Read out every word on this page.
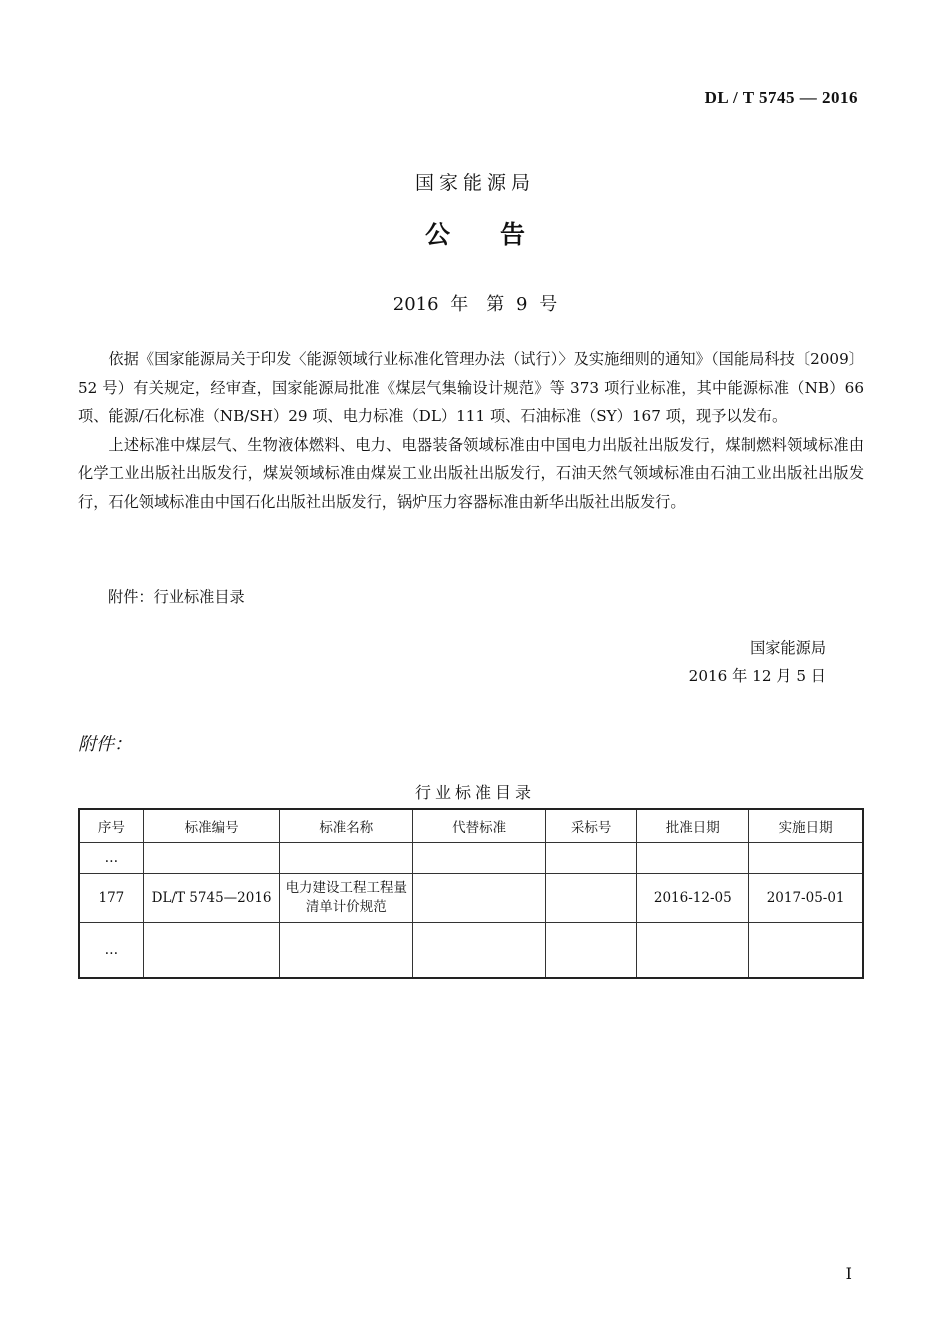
DL / T 5745 — 2016
国家能源局
公告
2016 年　第 9 号

依据《国家能源局关于印发〈能源领域行业标准化管理办法（试行）〉及实施细则的通知》（国能局科技〔2009〕52 号）有关规定，经审查，国家能源局批准《煤层气集输设计规范》等 373 项行业标准，其中能源标准（NB）66 项、能源/石化标准（NB/SH）29 项、电力标准（DL）111 项、石油标准（SY）167 项，现予以发布。

上述标准中煤层气、生物液体燃料、电力、电器装备领域标准由中国电力出版社出版发行，煤制燃料领域标准由化学工业出版社出版发行，煤炭领域标准由煤炭工业出版社出版发行，石油天然气领域标准由石油工业出版社出版发行，石化领域标准由中国石化出版社出版发行，锅炉压力容器标准由新华出版社出版发行。

附件：行业标准目录
国家能源局
2016 年 12 月 5 日
附件：
行业标准目录
序号	标准编号	标准名称	代替标准	采标号	批准日期	实施日期
…						
177	DL/T 5745—2016	电力建设工程工程量清单计价规范			2016-12-05	2017-05-01
…						
I
